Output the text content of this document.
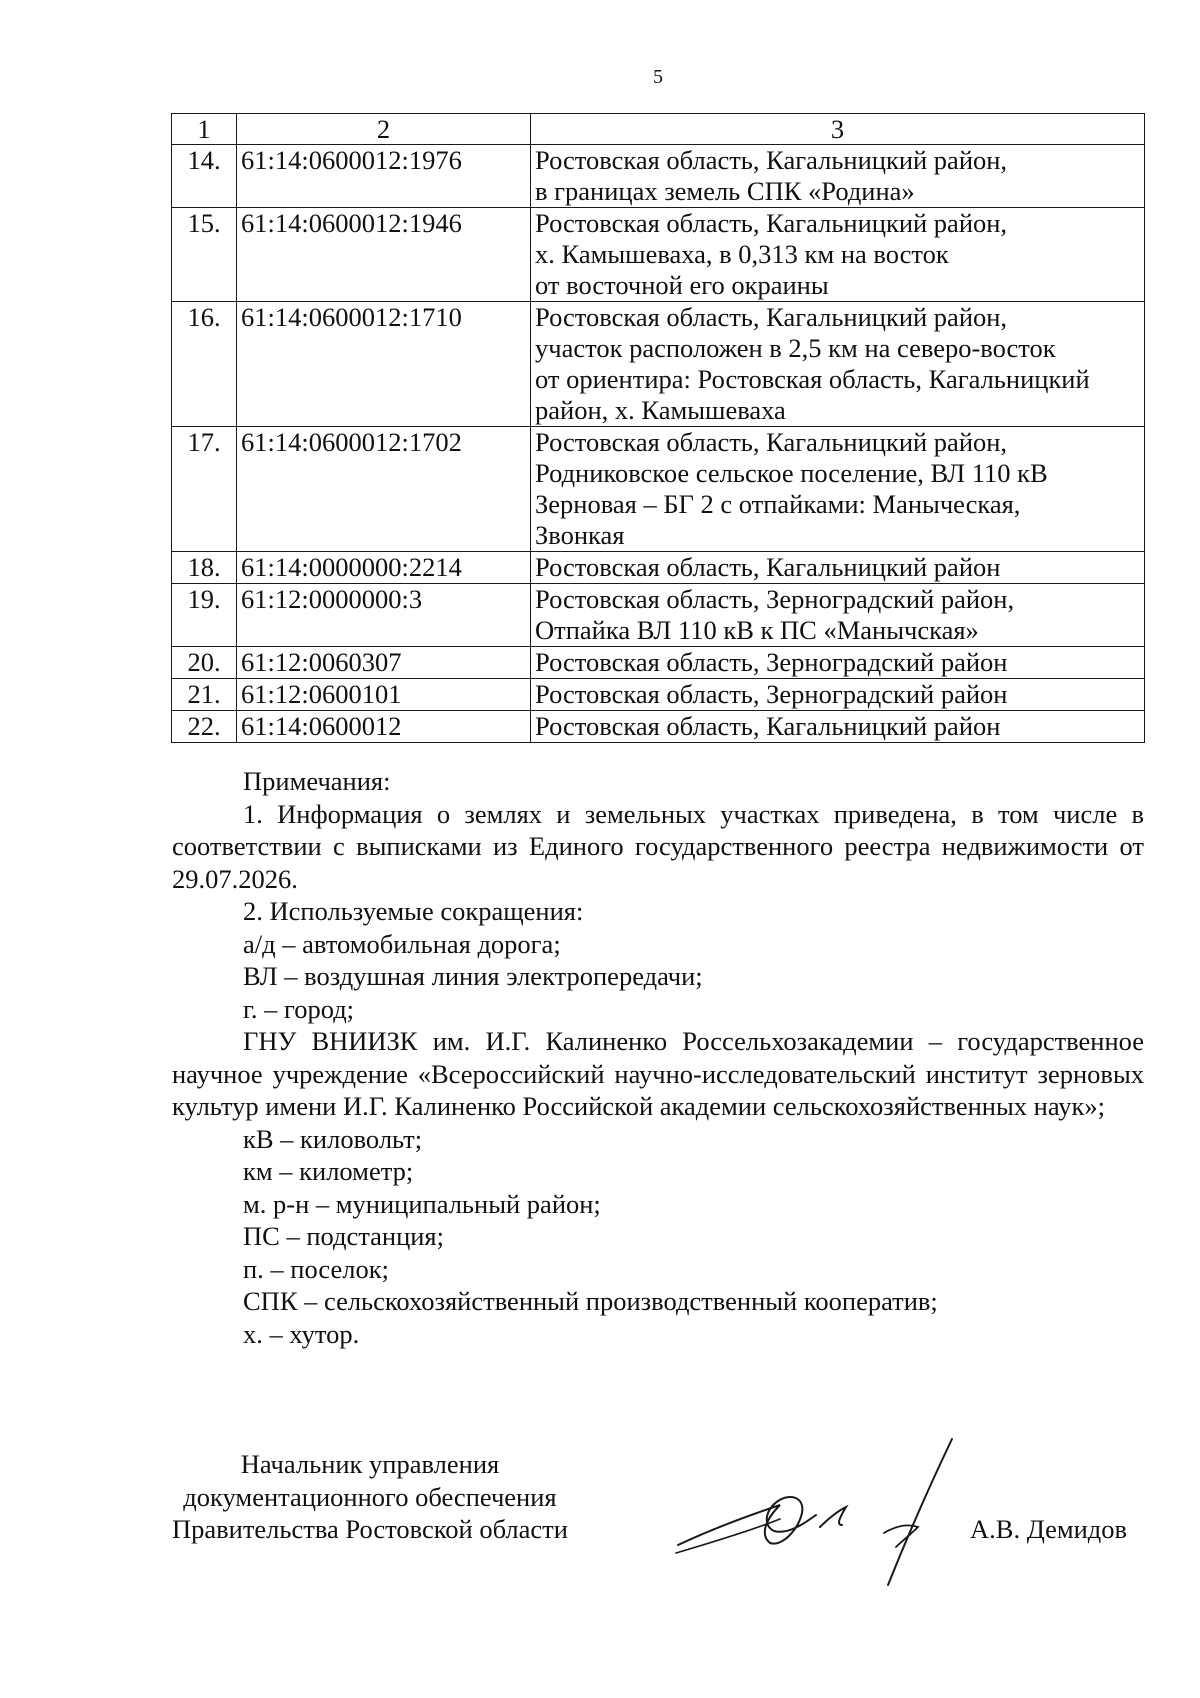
5
1	2	3
14.	61:14:0600012:1976	Ростовская область, Кагальницкий район,
в границах земель СПК «Родина»

15.	61:14:0600012:1946	Ростовская область, Кагальницкий район,
х. Камышеваха, в 0,313 км на восток
от восточной его окраины

16.	61:14:0600012:1710	Ростовская область, Кагальницкий район,
участок расположен в 2,5 км на северо-восток
от ориентира: Ростовская область, Кагальницкий
район, х. Камышеваха

17.	61:14:0600012:1702	Ростовская область, Кагальницкий район,
Родниковское сельское поселение, ВЛ 110 кВ
Зерновая – БГ 2 с отпайками: Маныческая,
Звонкая

18.	61:14:0000000:2214	Ростовская область, Кагальницкий район

19.	61:12:0000000:3	Ростовская область, Зерноградский район,
Отпайка ВЛ 110 кВ к ПС «Манычская»

20.	61:12:0060307	Ростовская область, Зерноградский район

21.	61:12:0600101	Ростовская область, Зерноградский район

22.	61:14:0600012	Ростовская область, Кагальницкий район
Примечания:
1. Информация о землях и земельных участках приведена, в том числе в соответствии с выписками из Единого государственного реестра недвижимости от 29.07.2026.
2. Используемые сокращения:
а/д – автомобильная дорога;
ВЛ – воздушная линия электропередачи;
г. – город;
ГНУ ВНИИЗК им. И.Г. Калиненко Россельхозакадемии – государственное научное учреждение «Всероссийский научно-исследовательский институт зерновых культур имени И.Г. Калиненко Российской академии сельскохозяйственных наук»;
кВ – киловольт;
км – километр;
м. р-н – муниципальный район;
ПС – подстанция;
п. – поселок;
СПК – сельскохозяйственный производственный кооператив;
х. – хутор.
Начальник управления
документационного обеспечения
Правительства Ростовской области	А.В. Демидов
